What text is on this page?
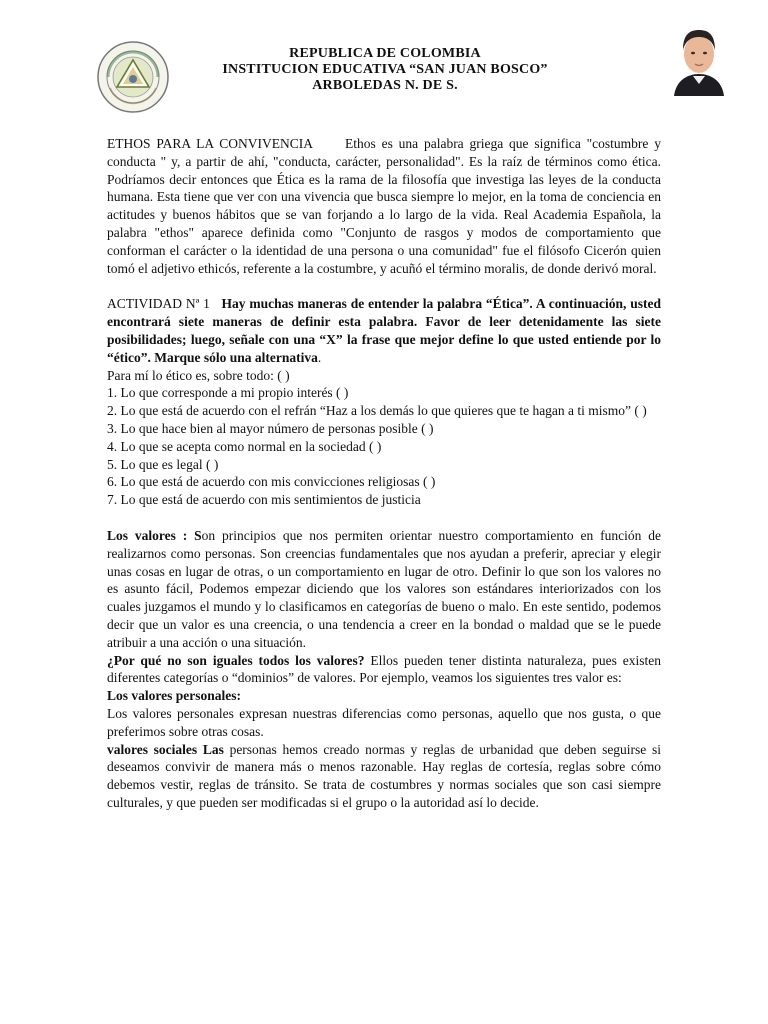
REPUBLICA DE COLOMBIA
INSTITUCION EDUCATIVA “SAN JUAN BOSCO”
ARBOLEDAS N. DE S.

ETHOS PARA LA CONVIVENCIA Ethos es una palabra griega que significa "costumbre y conducta " y, a partir de ahí, "conducta, carácter, personalidad". Es la raíz de términos como ética. Podríamos decir entonces que Ética es la rama de la filosofía que investiga las leyes de la conducta humana. Esta tiene que ver con una vivencia que busca siempre lo mejor, en la toma de conciencia en actitudes y buenos hábitos que se van forjando a lo largo de la vida. Real Academia Española, la palabra "ethos" aparece definida como "Conjunto de rasgos y modos de comportamiento que conforman el carácter o la identidad de una persona o una comunidad" fue el filósofo Cicerón quien tomó el adjetivo ethicós, referente a la costumbre, y acuñó el término moralis, de donde derivó moral.

ACTIVIDAD Nª 1 Hay muchas maneras de entender la palabra “Ética”. A continuación, usted encontrará siete maneras de definir esta palabra. Favor de leer detenidamente las siete posibilidades; luego, señale con una “X” la frase que mejor define lo que usted entiende por lo “ético”. Marque sólo una alternativa.

Para mí lo ético es, sobre todo: ( )
1. Lo que corresponde a mi propio interés ( )

2. Lo que está de acuerdo con el refrán “Haz a los demás lo que quieres que te hagan a ti mismo” ( )

3. Lo que hace bien al mayor número de personas posible ( )
4. Lo que se acepta como normal en la sociedad ( )
5. Lo que es legal ( )
6. Lo que está de acuerdo con mis convicciones religiosas ( )
7. Lo que está de acuerdo con mis sentimientos de justicia

Los valores : Son principios que nos permiten orientar nuestro comportamiento en función de realizarnos como personas. Son creencias fundamentales que nos ayudan a preferir, apreciar y elegir unas cosas en lugar de otras, o un comportamiento en lugar de otro. Definir lo que son los valores no es asunto fácil, Podemos empezar diciendo que los valores son estándares interiorizados con los cuales juzgamos el mundo y lo clasificamos en categorías de bueno o malo. En este sentido, podemos decir que un valor es una creencia, o una tendencia a creer en la bondad o maldad que se le puede atribuir a una acción o una situación.

¿Por qué no son iguales todos los valores? Ellos pueden tener distinta naturaleza, pues existen diferentes categorías o “dominios” de valores. Por ejemplo, veamos los siguientes tres valor es:

Los valores personales:

Los valores personales expresan nuestras diferencias como personas, aquello que nos gusta, o que preferimos sobre otras cosas.

valores sociales Las personas hemos creado normas y reglas de urbanidad que deben seguirse si deseamos convivir de manera más o menos razonable. Hay reglas de cortesía, reglas sobre cómo debemos vestir, reglas de tránsito. Se trata de costumbres y normas sociales que son casi siempre culturales, y que pueden ser modificadas si el grupo o la autoridad así lo decide.
